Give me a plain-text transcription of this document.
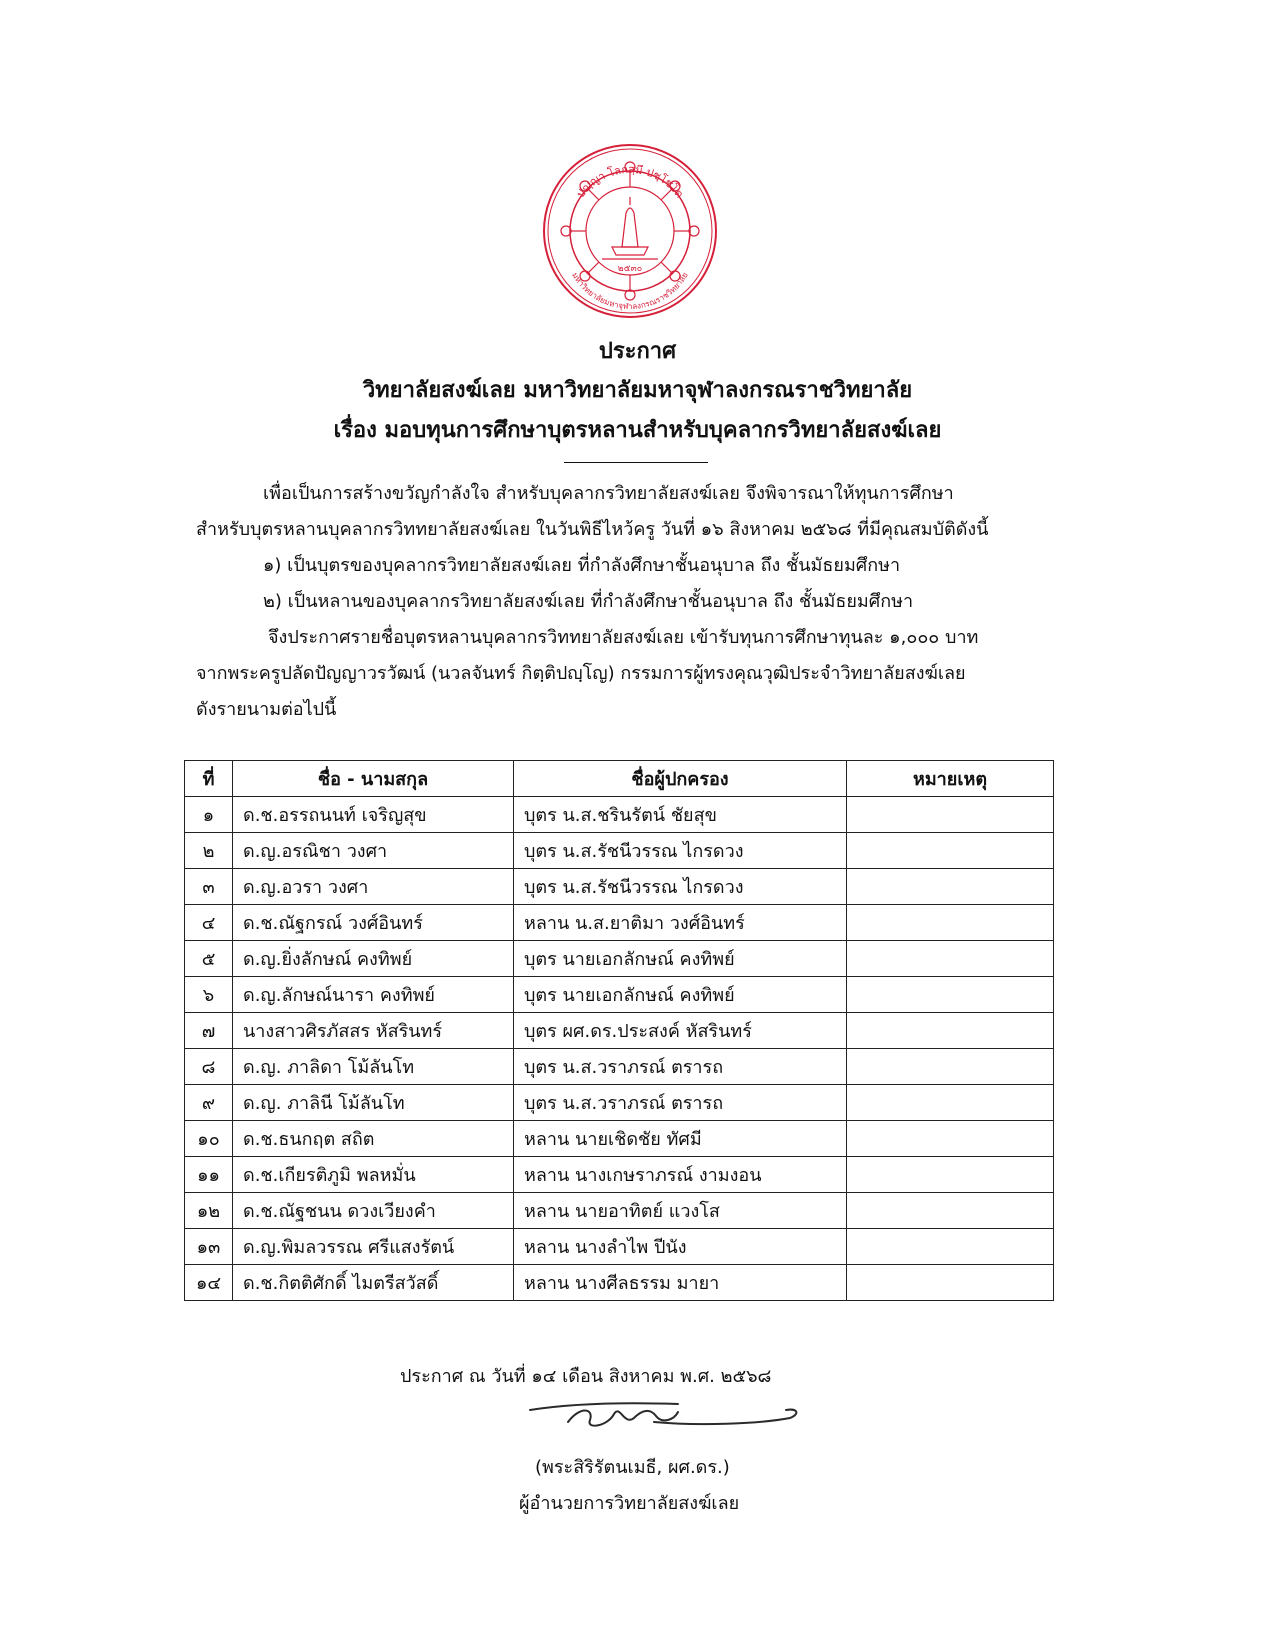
๒๕๓๐
ปญฺญา โลกสฺมึ ปชฺโชโต
มหาวิทยาลัยมหาจุฬาลงกรณราชวิทยาลัย
ประกาศ
วิทยาลัยสงฆ์เลย มหาวิทยาลัยมหาจุฬาลงกรณราชวิทยาลัย
เรื่อง มอบทุนการศึกษาบุตรหลานสำหรับบุคลากรวิทยาลัยสงฆ์เลย
เพื่อเป็นการสร้างขวัญกำลังใจ สำหรับบุคลากรวิทยาลัยสงฆ์เลย จึงพิจารณาให้ทุนการศึกษา
สำหรับบุตรหลานบุคลากรวิททยาลัยสงฆ์เลย ในวันพิธีไหว้ครู วันที่ ๑๖ สิงหาคม ๒๕๖๘ ที่มีคุณสมบัติดังนี้
๑) เป็นบุตรของบุคลากรวิทยาลัยสงฆ์เลย ที่กำลังศึกษาชั้นอนุบาล ถึง ชั้นมัธยมศึกษา
๒) เป็นหลานของบุคลากรวิทยาลัยสงฆ์เลย ที่กำลังศึกษาชั้นอนุบาล ถึง ชั้นมัธยมศึกษา
จึงประกาศรายชื่อบุตรหลานบุคลากรวิททยาลัยสงฆ์เลย เข้ารับทุนการศึกษาทุนละ ๑,๐๐๐ บาท
จากพระครูปลัดปัญญาวรวัฒน์ (นวลจันทร์ กิตฺติปญฺโญ) กรรมการผู้ทรงคุณวุฒิประจำวิทยาลัยสงฆ์เลย
ดังรายนามต่อไปนี้
ที่	ชื่อ - นามสกุล	ชื่อผู้ปกครอง	หมายเหตุ
๑	ด.ช.อรรถนนท์ เจริญสุข	บุตร น.ส.ชรินรัตน์ ชัยสุข	
๒	ด.ญ.อรณิชา วงศา	บุตร น.ส.รัชนีวรรณ ไกรดวง	
๓	ด.ญ.อวรา วงศา	บุตร น.ส.รัชนีวรรณ ไกรดวง	
๔	ด.ช.ณัฐกรณ์ วงศ์อินทร์	หลาน น.ส.ยาติมา วงศ์อินทร์	
๕	ด.ญ.ยิ่งลักษณ์ คงทิพย์	บุตร นายเอกลักษณ์ คงทิพย์	
๖	ด.ญ.ลักษณ์นารา คงทิพย์	บุตร นายเอกลักษณ์ คงทิพย์	
๗	นางสาวศิรภัสสร หัสรินทร์	บุตร ผศ.ดร.ประสงค์ หัสรินทร์	
๘	ด.ญ. ภาลิดา โม้ลันโท	บุตร น.ส.วราภรณ์ ตรารถ	
๙	ด.ญ. ภาลินี โม้ลันโท	บุตร น.ส.วราภรณ์ ตรารถ	
๑๐	ด.ช.ธนกฤต สถิต	หลาน นายเชิดชัย ทัศมี	
๑๑	ด.ช.เกียรติภูมิ พลหมั่น	หลาน นางเกษราภรณ์ งามงอน	
๑๒	ด.ช.ณัฐชนน ดวงเวียงคำ	หลาน นายอาทิตย์ แวงโส	
๑๓	ด.ญ.พิมลวรรณ ศรีแสงรัตน์	หลาน นางลำไพ ปีนัง	
๑๔	ด.ช.กิตติศักดิ์ ไมตรีสวัสดิ์	หลาน นางศีลธรรม มายา	
ประกาศ ณ วันที่ ๑๔ เดือน สิงหาคม พ.ศ. ๒๕๖๘
(พระสิริรัตนเมธี, ผศ.ดร.)
ผู้อำนวยการวิทยาลัยสงฆ์เลย
